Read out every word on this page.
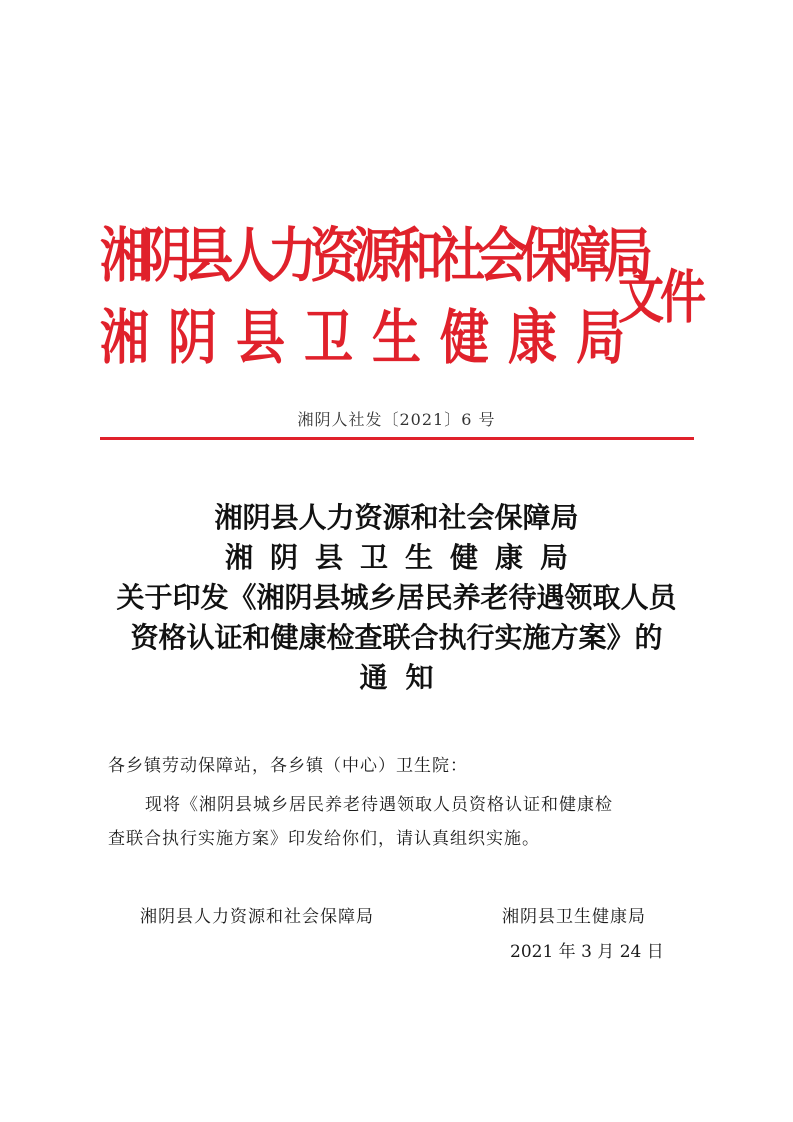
湘阴县人力资源和社会保障局
湘阴县卫生健康局
文件
湘阴人社发〔2021〕6 号
湘阴县人力资源和社会保障局
湘阴县卫生健康局
关于印发《湘阴县城乡居民养老待遇领取人员
资格认证和健康检查联合执行实施方案》的
通知
各乡镇劳动保障站，各乡镇（中心）卫生院：
现将《湘阴县城乡居民养老待遇领取人员资格认证和健康检
查联合执行实施方案》印发给你们，请认真组织实施。
湘阴县人力资源和社会保障局	湘阴县卫生健康局
2021 年 3 月 24 日
